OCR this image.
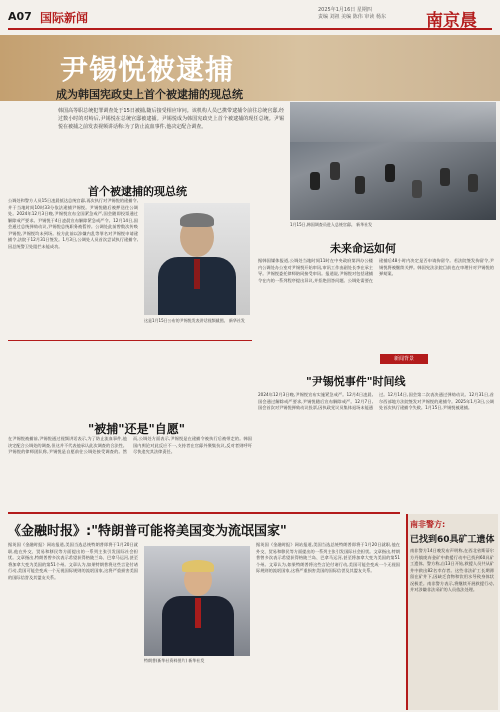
A07 国际新闻
2025年1月16日 星期四
责编 刘祖 美编 陈伟 审读 杨东	南京晨
尹锡悦被逮捕
成为韩国宪政史上首个被逮捕的现总统
韩国高等职总统犯罪调查处于15日被捕,随后接受相应审问。该机构人员已携带逮捕令前往总统官邸,经过数小时的对峙后,尹锡悦在总统官邸被逮捕。尹锡悦成为韩国宪政史上首个被逮捕的现任总统。尹锡悦在被捕之前发表视频讲话称:为了防止流血事件,他决定配合调查。
1月15日,韩国调查员进入总统官邸。 新华社发
首个被逮捕的现总统
公调处和警方人员15日凌晨抵达总统官邸,再次执行对尹锡悦的逮捕令,并于当地时间10时33分依法逮捕尹锡悦。尹锡悦随后被押送往公调处。2024年12月3日晚,尹锡悦宣布全国紧急戒严,国会随即投票通过解除戒严要求。尹锡悦于4日凌晨宣布解除紧急戒严令。12月14日,国会通过总统弹劾动议,尹锡悦总统职务被暂停。公调处此前曾数次传唤尹锡悦,尹锡悦均未到场。检方此前以涉嫌内乱等罪名对尹锡悦申请逮捕令,法院于12月31日签发。1月3日,公调处人员首次尝试执行逮捕令,因总统警卫处阻拦未能成功。
这是1月15日公布的尹锡悦发表讲话视频截图。 新华社发
未来命运如何
据韩国媒体报道,公调处当地时间11时在中央政府第四办公楼内公调处办公室对尹锡悦开始审讯,审讯工作由副处长李在承主导。尹锡悦委托律师陪同接受审讯。报道说,尹锡悦对包括逮捕令在内的一系列程序提出异议,并拒绝回答问题。公调处需要在逮捕后48小时内决定是否申请拘留令。若法院签发拘留令,尹锡悦将被继续关押。韩国宪法法院目前也在审理针对尹锡悦的弹劾案。
新闻背景
"尹锡悦事件"时间线
2024年12月3日晚,尹锡悦宣布实施紧急戒严。12月4日凌晨,国会通过解除戒严要求,尹锡悦随后宣布解除戒严。12月7日,国会首次对尹锡悦弹劾动议投票,因执政党议员集体退场未能通过。12月14日,国会第二次表决通过弹劾动议。12月31日,首尔西部地方法院签发对尹锡悦的逮捕令。2025年1月3日,公调处首次执行逮捕令失败。1月15日,尹锡悦被逮捕。
"被捕"还是"自愿"
在尹锡悦被捕前,尹锡悦通过视频讲话表示,为了防止流血事件,他决定配合公调处的调查,但这并不代表他承认此次调查的合法性。尹锡悦的律师团队称,尹锡悦是自愿前往公调处接受调查的。然而,公调处方面表示,尹锡悦是在逮捕令被执行后被带走的。韩国国内舆论对此反应不一,支持者在官邸外聚集抗议,反对者则呼吁尽快追究其法律责任。
《金融时报》:"特朗普可能将美国变为流氓国家"
据英国《金融时报》网站报道,美国当选总统特朗普即将于1月20日就职,他在外交、贸易和移民等方面提出的一系列主张引发国际社会担忧。文章指出,特朗普曾多次表示希望获得格陵兰岛、巴拿马运河,甚至将加拿大变为美国的第51个州。文章认为,如果特朗普将这些言论付诸行动,美国可能会变成一个无视国际规则的流氓国家,这将严重损害美国的国际信誉及其盟友关系。
特朗普(新华社资料图片) 新华社发
据英国《金融时报》网站报道,美国当选总统特朗普即将于1月20日就职,他在外交、贸易和移民等方面提出的一系列主张引发国际社会担忧。文章指出,特朗普曾多次表示希望获得格陵兰岛、巴拿马运河,甚至将加拿大变为美国的第51个州。文章认为,如果特朗普将这些言论付诸行动,美国可能会变成一个无视国际规则的流氓国家,这将严重损害美国的国际信誉及其盟友关系。
南非警方:
已找到60具矿工遗体
南非警方14日晚发布声明称,在西北省斯蒂尔方丹镇废弃金矿中救援行动中已找到60具矿工遗体。警方称,自13日开始,救援人员共从矿井中救出82名幸存者。这些非法矿工长期滞留在矿井下,因缺乏食物和饮用水导致身体状况极差。南非警方表示,将继续开展救援行动,并对涉嫌非法采矿的人员依法处理。
